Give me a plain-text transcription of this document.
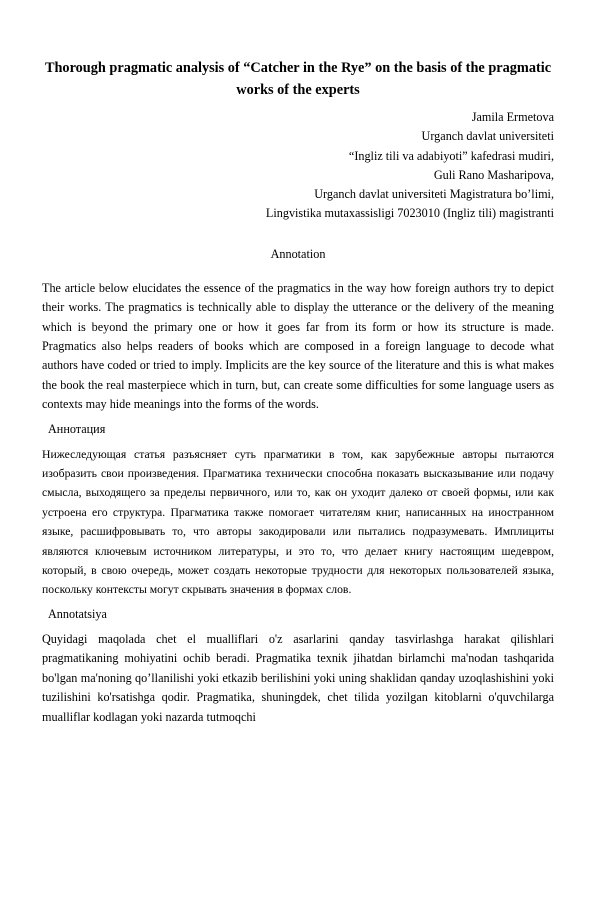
Thorough pragmatic analysis of “Catcher in the Rye” on the basis of the pragmatic works of the experts
Jamila Ermetova
Urganch davlat universiteti
“Ingliz tili va adabiyoti” kafedrasi mudiri,
Guli Rano Masharipova,
Urganch davlat universiteti Magistratura bo’limi,
Lingvistika mutaxassisligi 7023010 (Ingliz tili) magistranti
Annotation

The article below elucidates the essence of the pragmatics in the way how foreign authors try to depict their works. The pragmatics is technically able to display the utterance or the delivery of the meaning which is beyond the primary one or how it goes far from its form or how its structure is made. Pragmatics also helps readers of books which are composed in a foreign language to decode what authors have coded or tried to imply. Implicits are the key source of the literature and this is what makes the book the real masterpiece which in turn, but, can create some difficulties for some language users as contexts may hide meanings into the forms of the words.

Аннотация

Нижеследующая статья разъясняет суть прагматики в том, как зарубежные авторы пытаются изобразить свои произведения. Прагматика технически способна показать высказывание или подачу смысла, выходящего за пределы первичного, или то, как он уходит далеко от своей формы, или как устроена его структура. Прагматика также помогает читателям книг, написанных на иностранном языке, расшифровывать то, что авторы закодировали или пытались подразумевать. Имплициты являются ключевым источником литературы, и это то, что делает книгу настоящим шедевром, который, в свою очередь, может создать некоторые трудности для некоторых пользователей языка, поскольку контексты могут скрывать значения в формах слов.

Annotatsiya

Quyidagi maqolada chet el mualliflari o'z asarlarini qanday tasvirlashga harakat qilishlari pragmatikaning mohiyatini ochib beradi. Pragmatika texnik jihatdan birlamchi ma'nodan tashqarida bo'lgan ma'noning qo’llanilishi yoki etkazib berilishini yoki uning shaklidan qanday uzoqlashishini yoki tuzilishini ko'rsatishga qodir. Pragmatika, shuningdek, chet tilida yozilgan kitoblarni o'quvchilarga mualliflar kodlagan yoki nazarda tutmoqchi
